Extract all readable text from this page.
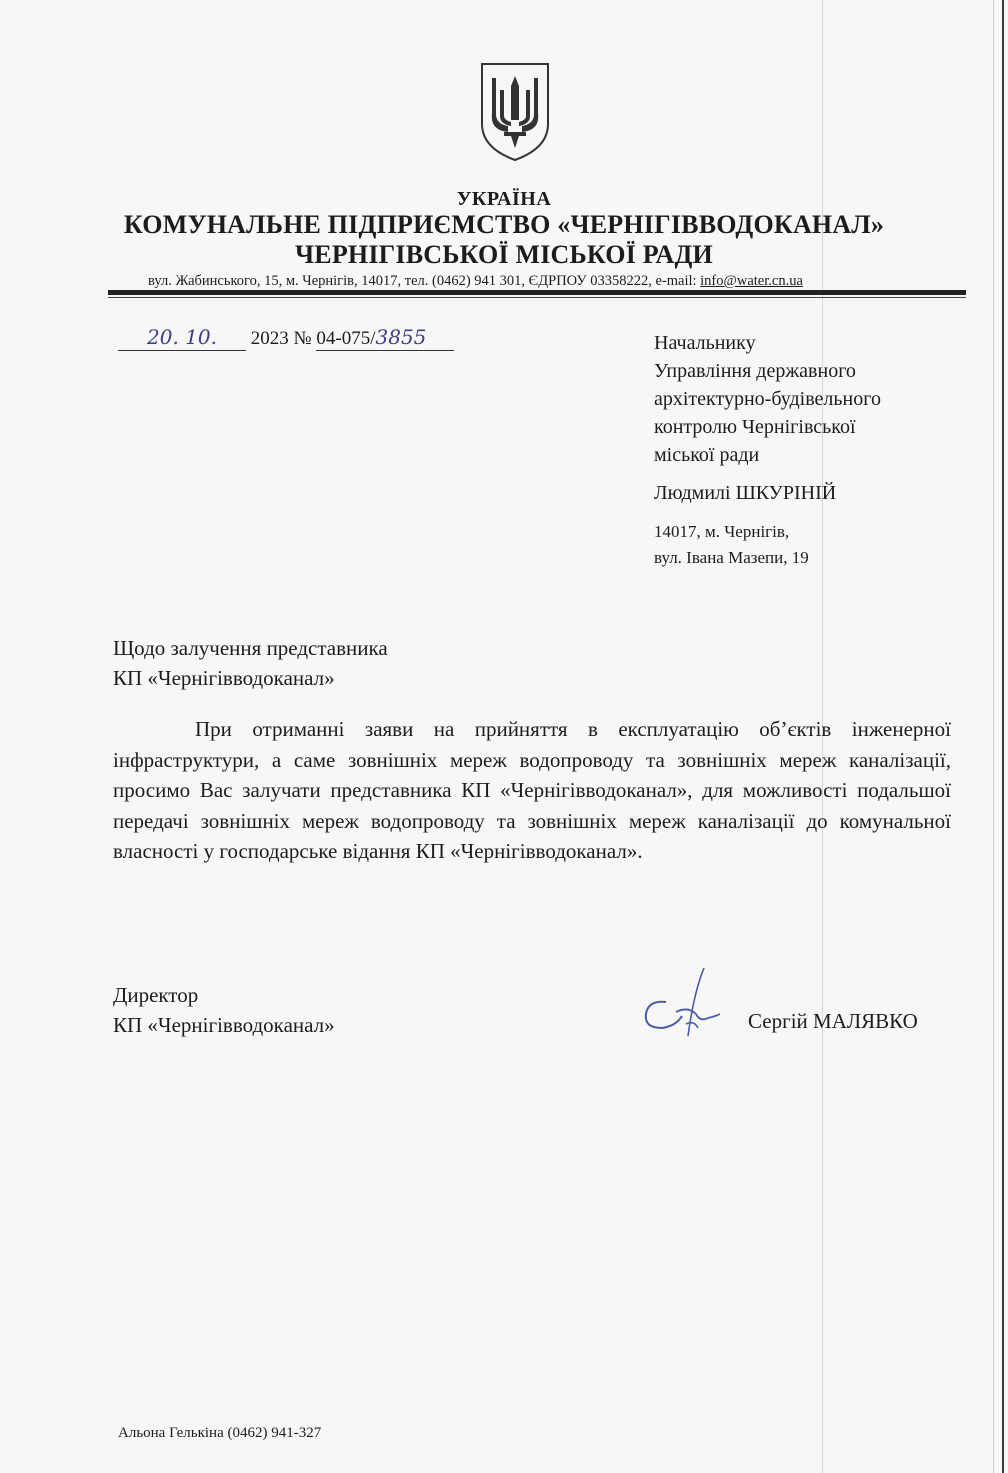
УКРАЇНА
КОМУНАЛЬНЕ ПІДПРИЄМСТВО «ЧЕРНІГІВВОДОКАНАЛ»
ЧЕРНІГІВСЬКОЇ МІСЬКОЇ РАДИ
вул. Жабинського, 15, м. Чернігів, 14017, тел. (0462) 941 301, ЄДРПОУ 03358222, e-mail: info@water.cn.ua
20. 10. 2023 № 04-075/3855	Начальнику
Управління державного
архітектурно-будівельного
контролю Чернігівської
міської ради
Людмилі ШКУРІНІЙ
14017, м. Чернігів,
вул. Івана Мазепи, 19
Щодо залучення представника
КП «Чернігівводоканал»

При отриманні заяви на прийняття в експлуатацію об’єктів інженерної інфраструктури, а саме зовнішніх мереж водопроводу та зовнішніх мереж каналізації, просимо Вас залучати представника КП «Чернігівводоканал», для можливості подальшої передачі зовнішніх мереж водопроводу та зовнішніх мереж каналізації до комунальної власності у господарське відання КП «Чернігівводоканал».

Директор
КП «Чернігівводоканал»	Сергій МАЛЯВКО
Альона Гелькіна (0462) 941-327
